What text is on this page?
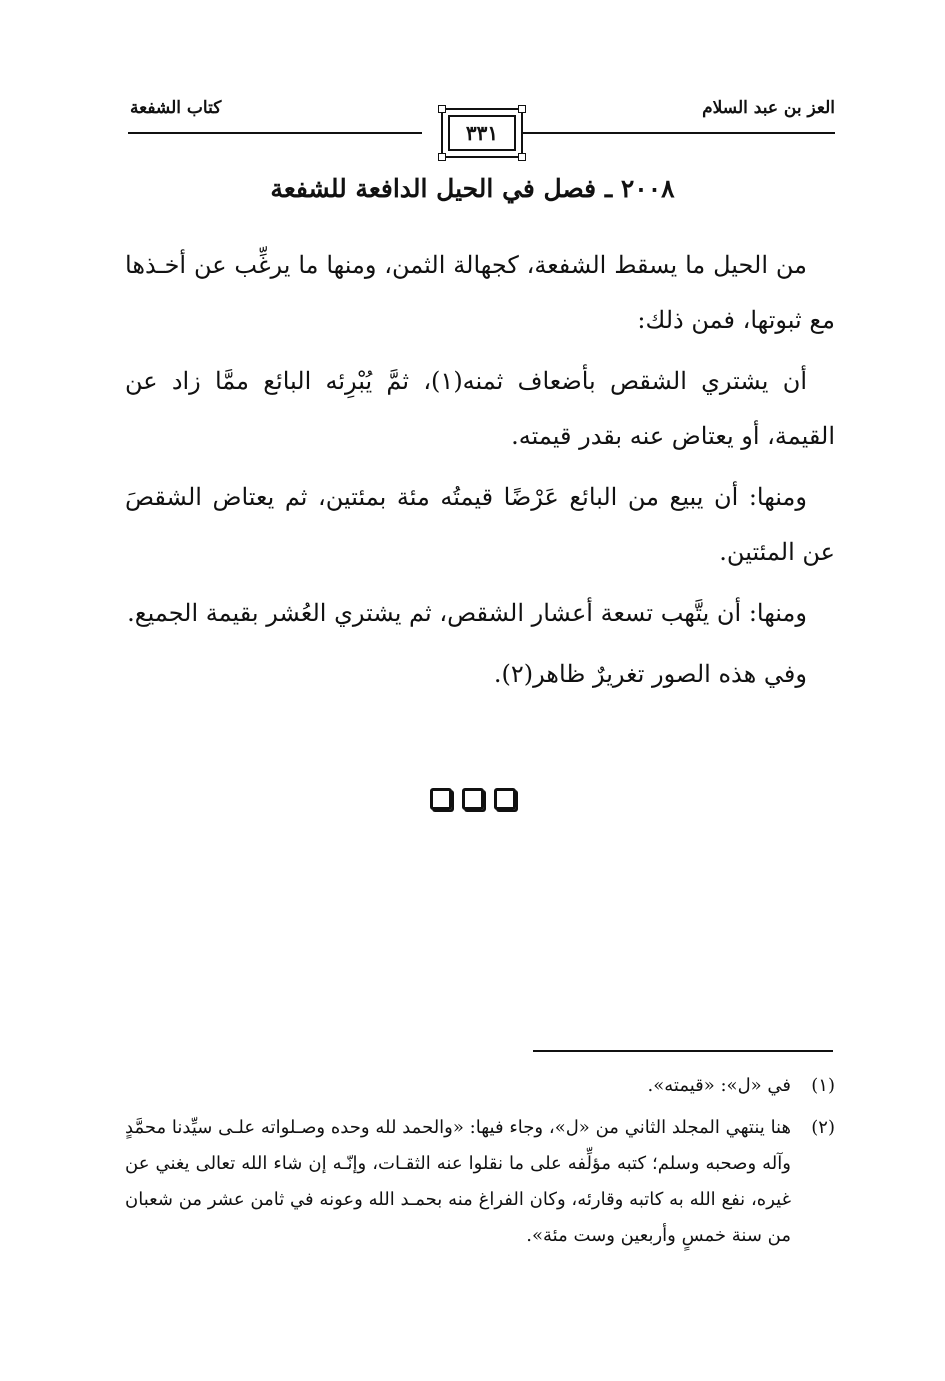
العز بن عبد السلام
كتاب الشفعة
٣٣١
٢٠٠٨ ـ فصل في الحيل الدافعة للشفعة

من الحيل ما يسقط الشفعة، كجهالة الثمن، ومنها ما يرغِّب عن أخـذها مع ثبوتها، فمن ذلك:

أن يشتري الشقص بأضعاف ثمنه(١)، ثمَّ يُبْرِئه البائع ممَّا زاد عن القيمة، أو يعتاض عنه بقدر قيمته.

ومنها: أن يبيع من البائع عَرْضًا قيمتُه مئة بمئتين، ثم يعتاض الشقصَ عن المئتين.

ومنها: أن يتَّهب تسعة أعشار الشقص، ثم يشتري العُشر بقيمة الجميع.

وفي هذه الصور تغريرٌ ظاهر(٢).

(١)
في «ل»: «قيمته».
(٢)
هنا ينتهي المجلد الثاني من «ل»، وجاء فيها: «والحمد لله وحده وصـلواته علـى سيِّدنا محمَّدٍ وآله وصحبه وسلم؛ كتبه مؤلِّفه على ما نقلوا عنه الثقـات، وإنّـه إن شاء الله تعالى يغني عن غيره، نفع الله به كاتبه وقارئه، وكان الفراغ منه بحمـد الله وعونه في ثامن عشر من شعبان من سنة خمسٍ وأربعين وست مئة».
